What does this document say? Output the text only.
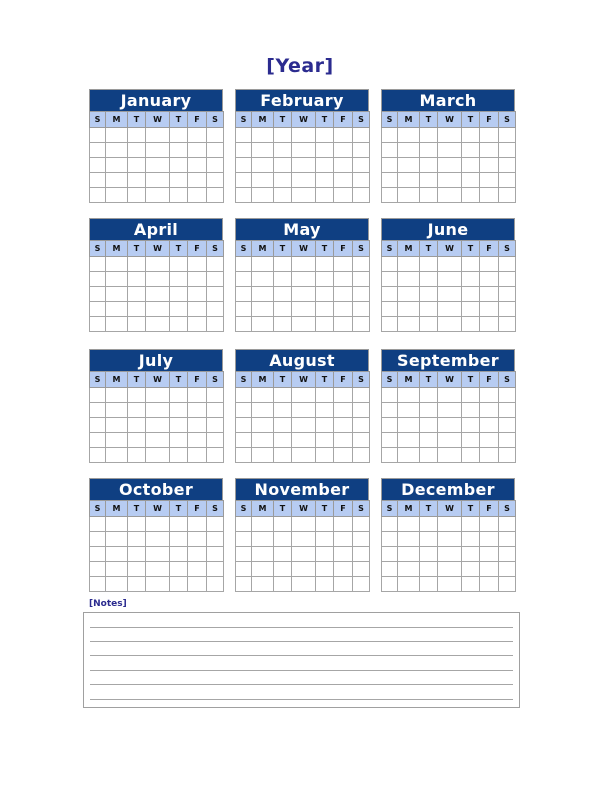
[Year]
January
S	M	T	W	T	F	S

February
S	M	T	W	T	F	S

March
S	M	T	W	T	F	S

April
S	M	T	W	T	F	S

May
S	M	T	W	T	F	S

June
S	M	T	W	T	F	S

July
S	M	T	W	T	F	S

August
S	M	T	W	T	F	S

September
S	M	T	W	T	F	S

October
S	M	T	W	T	F	S

November
S	M	T	W	T	F	S

December
S	M	T	W	T	F	S

[Notes]
